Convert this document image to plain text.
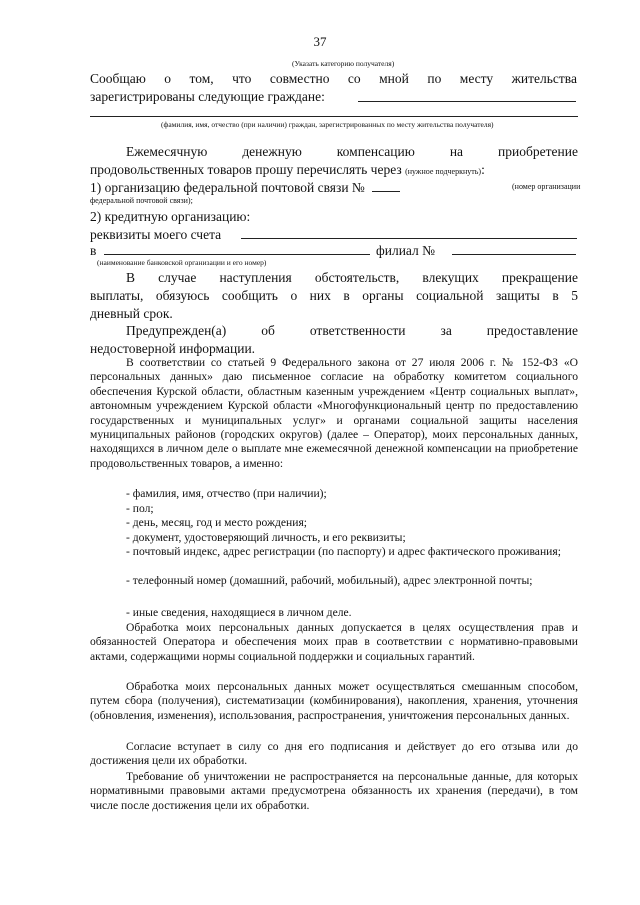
37
(Указать категорию получателя)
Сообщаю о том, что совместно со мной по месту жительства
зарегистрированы следующие граждане:
(фамилия, имя, отчество (при наличии) граждан, зарегистрированных по месту жительства получателя)
Ежемесячную	денежную	компенсацию	на	приобретение
продовольственных товаров прошу перечислять через (нужное подчеркнуть):
1) организацию федеральной почтовой связи №	(номер организации
федеральной почтовой связи);
2) кредитную организацию:
реквизиты моего счета
в	филиал №
(наименование банковской организации и его номер)
В случае наступления обстоятельств, влекущих прекращение
выплаты, обязуюсь сообщить о них в органы социальной защиты в 5
дневный срок.
Предупрежден(а)	об	ответственности	за	предоставление
недостоверной информации.
В соответствии со статьей 9 Федерального закона от 27 июля 2006 г. № 152-ФЗ «О персональных данных» даю письменное согласие на обработку комитетом социального обеспечения Курской области, областным казенным учреждением «Центр социальных выплат», автономным учреждением Курской области «Многофункциональный центр по предоставлению государственных и муниципальных услуг» и органами социальной защиты населения муниципальных районов (городских округов) (далее – Оператор), моих персональных данных, находящихся в личном деле о выплате мне ежемесячной денежной компенсации на приобретение продовольственных товаров, а именно:
- фамилия, имя, отчество (при наличии);
- пол;
- день, месяц, год и место рождения;
- документ, удостоверяющий личность, и его реквизиты;
- почтовый индекс, адрес регистрации (по паспорту) и адрес фактического проживания;
- телефонный номер (домашний, рабочий, мобильный), адрес электронной почты;
- иные сведения, находящиеся в личном деле.
Обработка моих персональных данных допускается в целях осуществления прав и обязанностей Оператора и обеспечения моих прав в соответствии с нормативно-правовыми актами, содержащими нормы социальной поддержки и социальных гарантий.
Обработка моих персональных данных может осуществляться смешанным способом, путем сбора (получения), систематизации (комбинирования), накопления, хранения, уточнения (обновления, изменения), использования, распространения, уничтожения персональных данных.
Согласие вступает в силу со дня его подписания и действует до его отзыва или до достижения цели их обработки.
Требование об уничтожении не распространяется на персональные данные, для которых нормативными правовыми актами предусмотрена обязанность их хранения (передачи), в том числе после достижения цели их обработки.
